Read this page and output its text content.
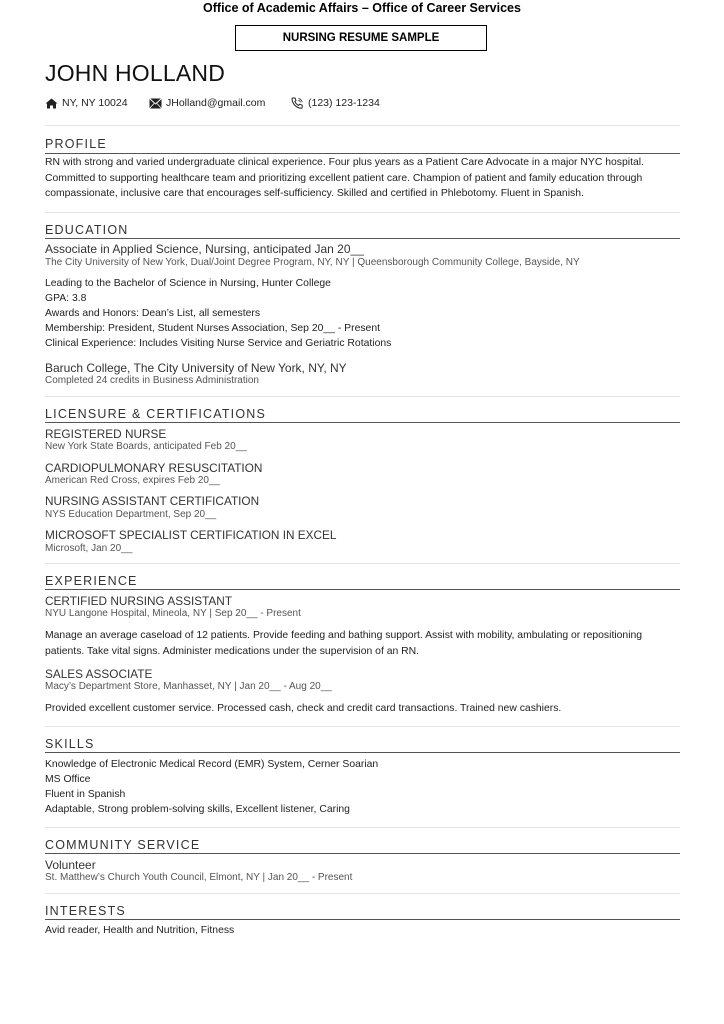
Office of Academic Affairs – Office of Career Services
NURSING RESUME SAMPLE
JOHN HOLLAND
NY, NY 10024	JHolland@gmail.com	(123) 123-1234
PROFILE
RN with strong and varied undergraduate clinical experience. Four plus years as a Patient Care Advocate in a major NYC hospital. Committed to supporting healthcare team and prioritizing excellent patient care. Champion of patient and family education through compassionate, inclusive care that encourages self-sufficiency. Skilled and certified in Phlebotomy. Fluent in Spanish.
EDUCATION
Associate in Applied Science, Nursing, anticipated Jan 20__
The City University of New York, Dual/Joint Degree Program, NY, NY | Queensborough Community College, Bayside, NY
Leading to the Bachelor of Science in Nursing, Hunter College
GPA: 3.8
Awards and Honors: Dean’s List, all semesters
Membership: President, Student Nurses Association, Sep 20__ - Present
Clinical Experience: Includes Visiting Nurse Service and Geriatric Rotations
Baruch College, The City University of New York, NY, NY
Completed 24 credits in Business Administration
LICENSURE & CERTIFICATIONS
REGISTERED NURSE
New York State Boards, anticipated Feb 20__
CARDIOPULMONARY RESUSCITATION
American Red Cross, expires Feb 20__
NURSING ASSISTANT CERTIFICATION
NYS Education Department, Sep 20__
MICROSOFT SPECIALIST CERTIFICATION IN EXCEL
Microsoft, Jan 20__
EXPERIENCE
CERTIFIED NURSING ASSISTANT
NYU Langone Hospital, Mineola, NY | Sep 20__ - Present
Manage an average caseload of 12 patients. Provide feeding and bathing support. Assist with mobility, ambulating or repositioning patients. Take vital signs. Administer medications under the supervision of an RN.
SALES ASSOCIATE
Macy’s Department Store, Manhasset, NY | Jan 20__ - Aug 20__
Provided excellent customer service. Processed cash, check and credit card transactions. Trained new cashiers.
SKILLS
Knowledge of Electronic Medical Record (EMR) System, Cerner Soarian
MS Office
Fluent in Spanish
Adaptable, Strong problem-solving skills, Excellent listener, Caring
COMMUNITY SERVICE
Volunteer
St. Matthew’s Church Youth Council, Elmont, NY | Jan 20__ - Present
INTERESTS
Avid reader, Health and Nutrition, Fitness
